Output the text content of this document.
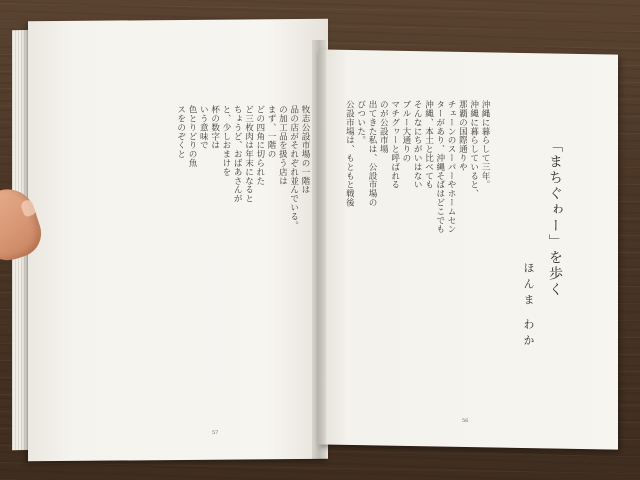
牧志公設市場の一階は
品の店がそれぞれ並んでいる。
の加工品を扱う店は
まず、一階の
どの四角に切られた
ど三枚肉は年末になると
ちょうど、おばあさんが
と、少しおまけを
杯の数字は
いう意味で
色とりどりの魚
スをのぞくと	沖縄に暮らして三年。
沖縄に暮らしていると、
那覇の国際通りや
チェーンのスーパーやホームセン
ターがあり、沖縄そばはどこでも
沖縄、本土と比べても
そんなにちがいはない
ブルー大通りの
マチグヮーと呼ばれる
のが公設市場
出てきた私は、公設市場の
びついた。
公設市場は、もともと戦後	「まちぐゎー」を歩く
ほんま わか
57
56
